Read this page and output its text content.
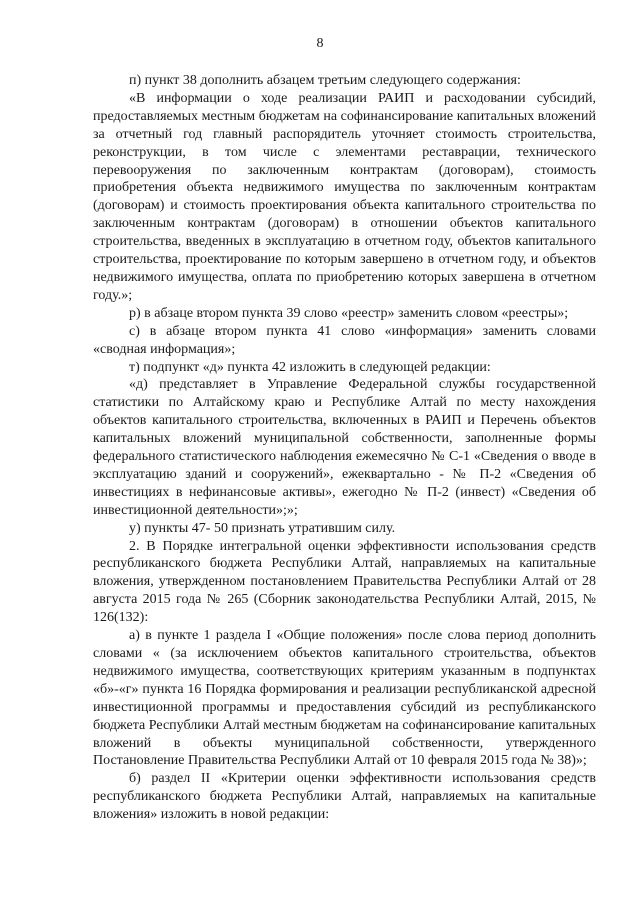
8

п) пункт 38 дополнить абзацем третьим следующего содержания:

«В информации о ходе реализации РАИП и расходовании субсидий, предоставляемых местным бюджетам на софинансирование капитальных вложений за отчетный год главный распорядитель уточняет стоимость строительства, реконструкции, в том числе с элементами реставрации, технического перевооружения по заключенным контрактам (договорам), стоимость приобретения объекта недвижимого имущества по заключенным контрактам (договорам) и стоимость проектирования объекта капитального строительства по заключенным контрактам (договорам) в отношении объектов капитального строительства, введенных в эксплуатацию в отчетном году, объектов капитального строительства, проектирование по которым завершено в отчетном году, и объектов недвижимого имущества, оплата по приобретению которых завершена в отчетном году.»;

р) в абзаце втором пункта 39 слово «реестр» заменить словом «реестры»;

с) в абзаце втором пункта 41 слово «информация» заменить словами «сводная информация»;

т) подпункт «д» пункта 42 изложить в следующей редакции:

«д) представляет в Управление Федеральной службы государственной статистики по Алтайскому краю и Республике Алтай по месту нахождения объектов капитального строительства, включенных в РАИП и Перечень объектов капитальных вложений муниципальной собственности, заполненные формы федерального статистического наблюдения ежемесячно № С-1 «Сведения о вводе в эксплуатацию зданий и сооружений», ежеквартально - № П-2 «Сведения об инвестициях в нефинансовые активы», ежегодно № П-2 (инвест) «Сведения об инвестиционной деятельности»;»;

у) пункты 47- 50 признать утратившим силу.

2. В Порядке интегральной оценки эффективности использования средств республиканского бюджета Республики Алтай, направляемых на капитальные вложения, утвержденном постановлением Правительства Республики Алтай от 28 августа 2015 года № 265 (Сборник законодательства Республики Алтай, 2015, № 126(132):

а) в пункте 1 раздела I «Общие положения» после слова период дополнить словами « (за исключением объектов капитального строительства, объектов недвижимого имущества, соответствующих критериям указанным в подпунктах «б»-«г» пункта 16 Порядка формирования и реализации республиканской адресной инвестиционной программы и предоставления субсидий из республиканского бюджета Республики Алтай местным бюджетам на софинансирование капитальных вложений в объекты муниципальной собственности, утвержденного Постановление Правительства Республики Алтай от 10 февраля 2015 года № 38)»;

б) раздел II «Критерии оценки эффективности использования средств республиканского бюджета Республики Алтай, направляемых на капитальные вложения» изложить в новой редакции:
